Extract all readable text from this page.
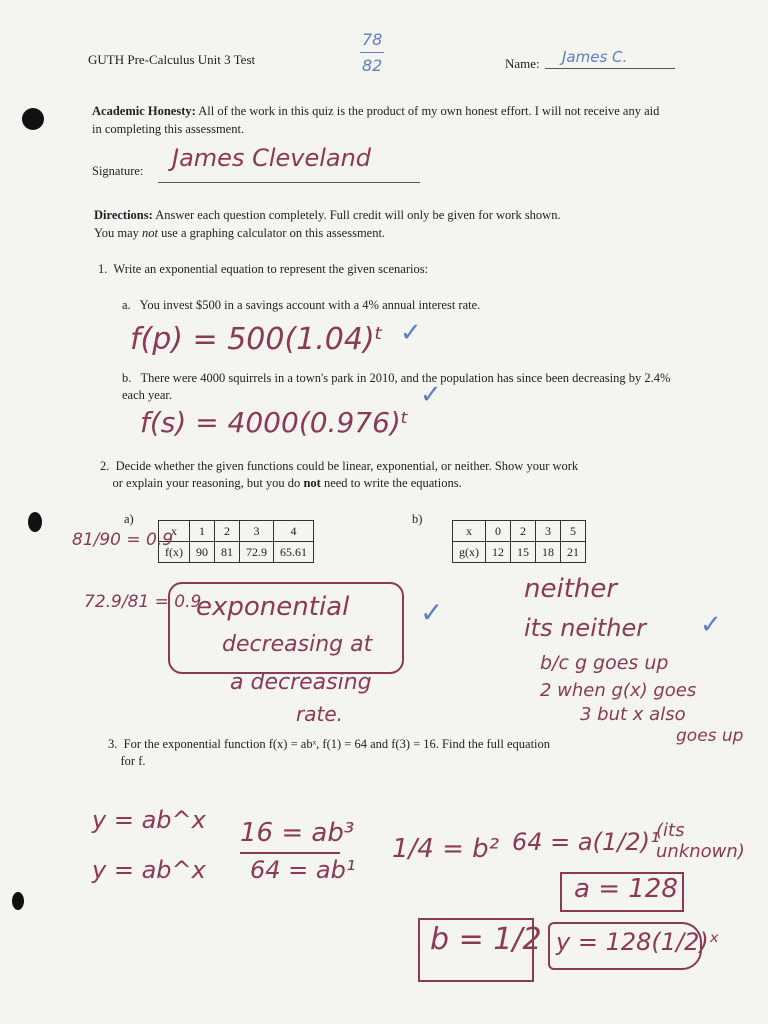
GUTH Pre-Calculus Unit 3 Test
78
82	Name: James C.
Academic Honesty: All of the work in this quiz is the product of my own honest effort. I will not receive any aid in completing this assessment.
Signature: James Cleveland
Directions: Answer each question completely. Full credit will only be given for work shown.
You may not use a graphing calculator on this assessment.
1. Write an exponential equation to represent the given scenarios:
a. You invest $500 in a savings account with a 4% annual interest rate.
f(p) = 500(1.04)ᵗ ✓
b. There were 4000 squirrels in a town's park in 2010, and the population has since been decreasing by 2.4% each year.
f(s) = 4000(0.976)ᵗ
✓
2. Decide whether the given functions could be linear, exponential, or neither. Show your work
or explain your reasoning, but you do not need to write the equations.
a)
x	1	2	3	4
f(x)	90	81	72.9	65.61
81/90 = 0.9
72.9/81 = 0.9
exponential
decreasing at
a decreasing
rate.
✓
b)
x	0	2	3	5
g(x)	12	15	18	21
neither
its neither
b/c g goes up
2 when g(x) goes
3 but x also
goes up
✓
3. For the exponential function f(x) = abˣ, f(1) = 64 and f(3) = 16. Find the full equation
for f.
y = ab^x
y = ab^x
16 = ab³
64 = ab¹
1/4 = b² 64 = a(1/2)¹
(its unknown)
b = 1/2
a = 128
y = 128(1/2)ˣ
